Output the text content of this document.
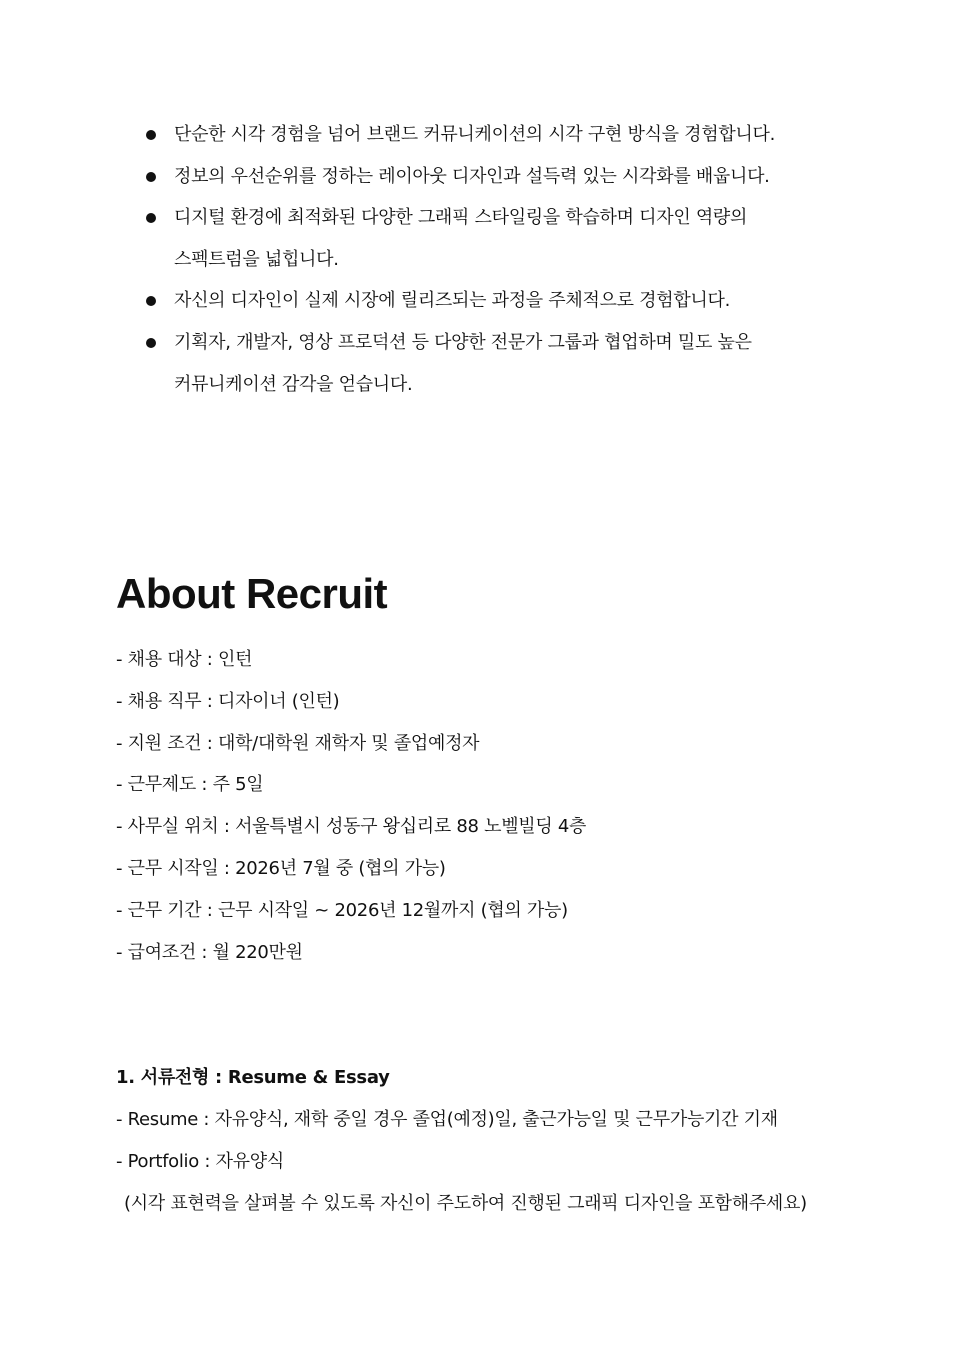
단순한 시각 경험을 넘어 브랜드 커뮤니케이션의 시각 구현 방식을 경험합니다.
정보의 우선순위를 정하는 레이아웃 디자인과 설득력 있는 시각화를 배웁니다.
디지털 환경에 최적화된 다양한 그래픽 스타일링을 학습하며 디자인 역량의
스펙트럼을 넓힙니다.
자신의 디자인이 실제 시장에 릴리즈되는 과정을 주체적으로 경험합니다.
기획자, 개발자, 영상 프로덕션 등 다양한 전문가 그룹과 협업하며 밀도 높은
커뮤니케이션 감각을 얻습니다.
About Recruit
- 채용 대상 : 인턴
- 채용 직무 : 디자이너 (인턴)
- 지원 조건 : 대학/대학원 재학자 및 졸업예정자
- 근무제도 : 주 5일
- 사무실 위치 : 서울특별시 성동구 왕십리로 88 노벨빌딩 4층
- 근무 시작일 : 2026년 7월 중 (협의 가능)
- 근무 기간 : 근무 시작일 ~ 2026년 12월까지 (협의 가능)
- 급여조건 : 월 220만원
1. 서류전형 : Resume & Essay
- Resume : 자유양식, 재학 중일 경우 졸업(예정)일, 출근가능일 및 근무가능기간 기재
- Portfolio : 자유양식
(시각 표현력을 살펴볼 수 있도록 자신이 주도하여 진행된 그래픽 디자인을 포함해주세요)
